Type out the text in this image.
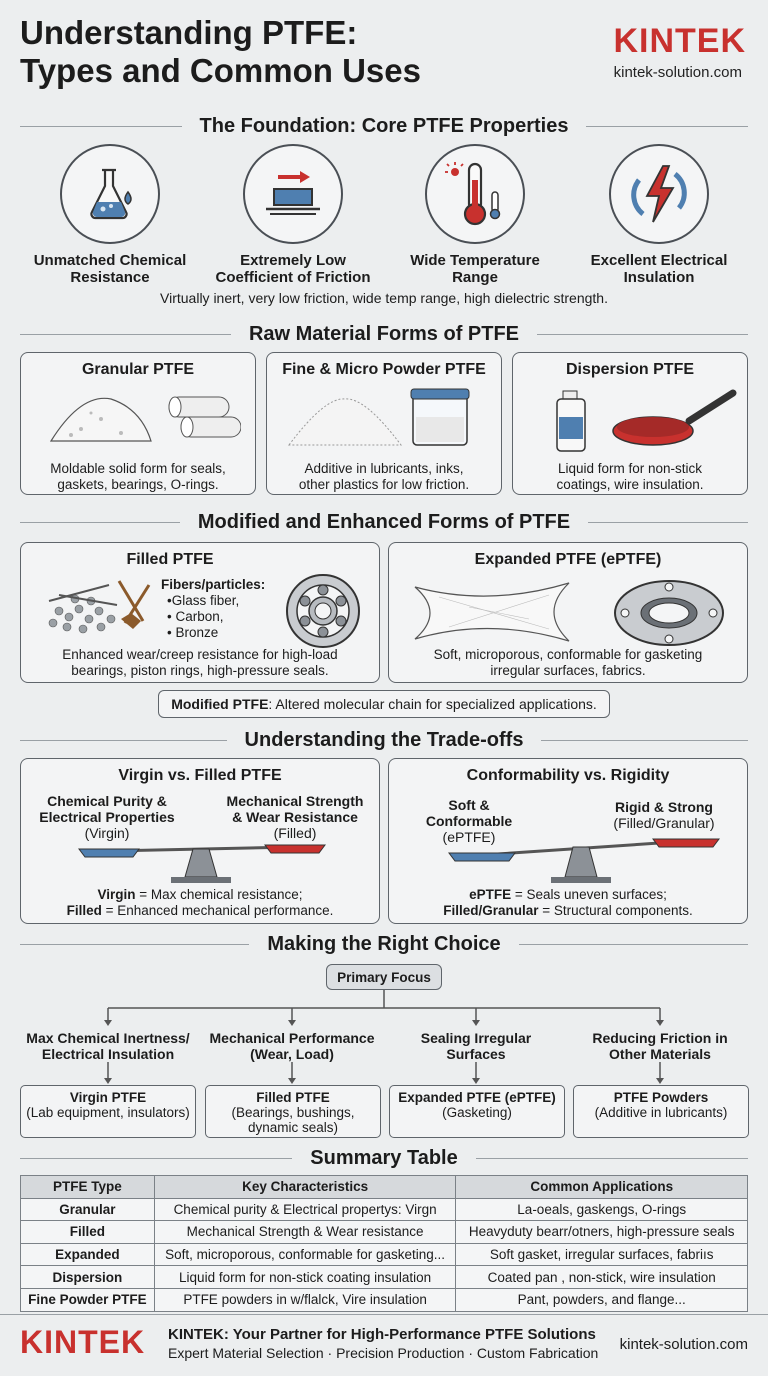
Understanding PTFE:
Types and Common Uses
KINTEK
kintek-solution.com
The Foundation: Core PTFE Properties
Unmatched Chemical
Resistance
Extremely Low
Coefficient of Friction
Wide Temperature
Range
Excellent Electrical
Insulation
Virtually inert, very low friction, wide temp range, high dielectric strength.
Raw Material Forms of PTFE
Granular PTFE
Moldable solid form for seals,
gaskets, bearings, O-rings.
Fine & Micro Powder PTFE
Additive in lubricants, inks,
other plastics for low friction.
Dispersion PTFE
Liquid form for non-stick
coatings, wire insulation.
Modified and Enhanced Forms of PTFE
Filled PTFE
Fibers/particles:
•Glass fiber,
• Carbon,
• Bronze
Enhanced wear/creep resistance for high-load
bearings, piston rings, high-pressure seals.
Expanded PTFE (ePTFE)
Soft, microporous, conformable for gasketing
irregular surfaces, fabrics.
Modified PTFE : Altered molecular chain for specialized applications.
Understanding the Trade-offs
Virgin vs. Filled PTFE
Chemical Purity &
Electrical Properties
(Virgin)
Mechanical Strength
& Wear Resistance
(Filled)
Virgin = Max chemical resistance;
Filled = Enhanced mechanical performance.
Conformability vs. Rigidity
Soft &
Conformable
(ePTFE)
Rigid & Strong
(Filled/Granular)
ePTFE = Seals uneven surfaces;
Filled/Granular = Structural components.
Making the Right Choice
Primary Focus
Max Chemical Inertness/
Electrical Insulation
Mechanical Performance
(Wear, Load)
Sealing Irregular
Surfaces
Reducing Friction in
Other Materials
Virgin PTFE
(Lab equipment, insulators)
Filled PTFE
(Bearings, bushings,
dynamic seals)
Expanded PTFE (ePTFE)
(Gasketing)
PTFE Powders
(Additive in lubricants)
Summary Table
PTFE Type	Key Characteristics	Common Applications
Granular	Chemical purity & Electrical propertys: Virgn	La-oeals, gaskengs, O-rings
Filled	Mechanical Strength & Wear resistance	Heavyduty bearr/otners, high-pressure seals
Expanded	Soft, microporous, conformable for gasketing...	Soft gasket, irregular surfaces, fabriıs
Dispersion	Liquid form for non-stick coating insulation	Coated pan , non-stick, wire insulation
Fine Powder PTFE	PTFE powders in w/flalck, Vire insulation	Pant, powders, and flange...
KINTEK KINTEK: Your Partner for High-Performance PTFE Solutions
Expert Material Selection · Precision Production · Custom Fabrication kintek-solution.com
